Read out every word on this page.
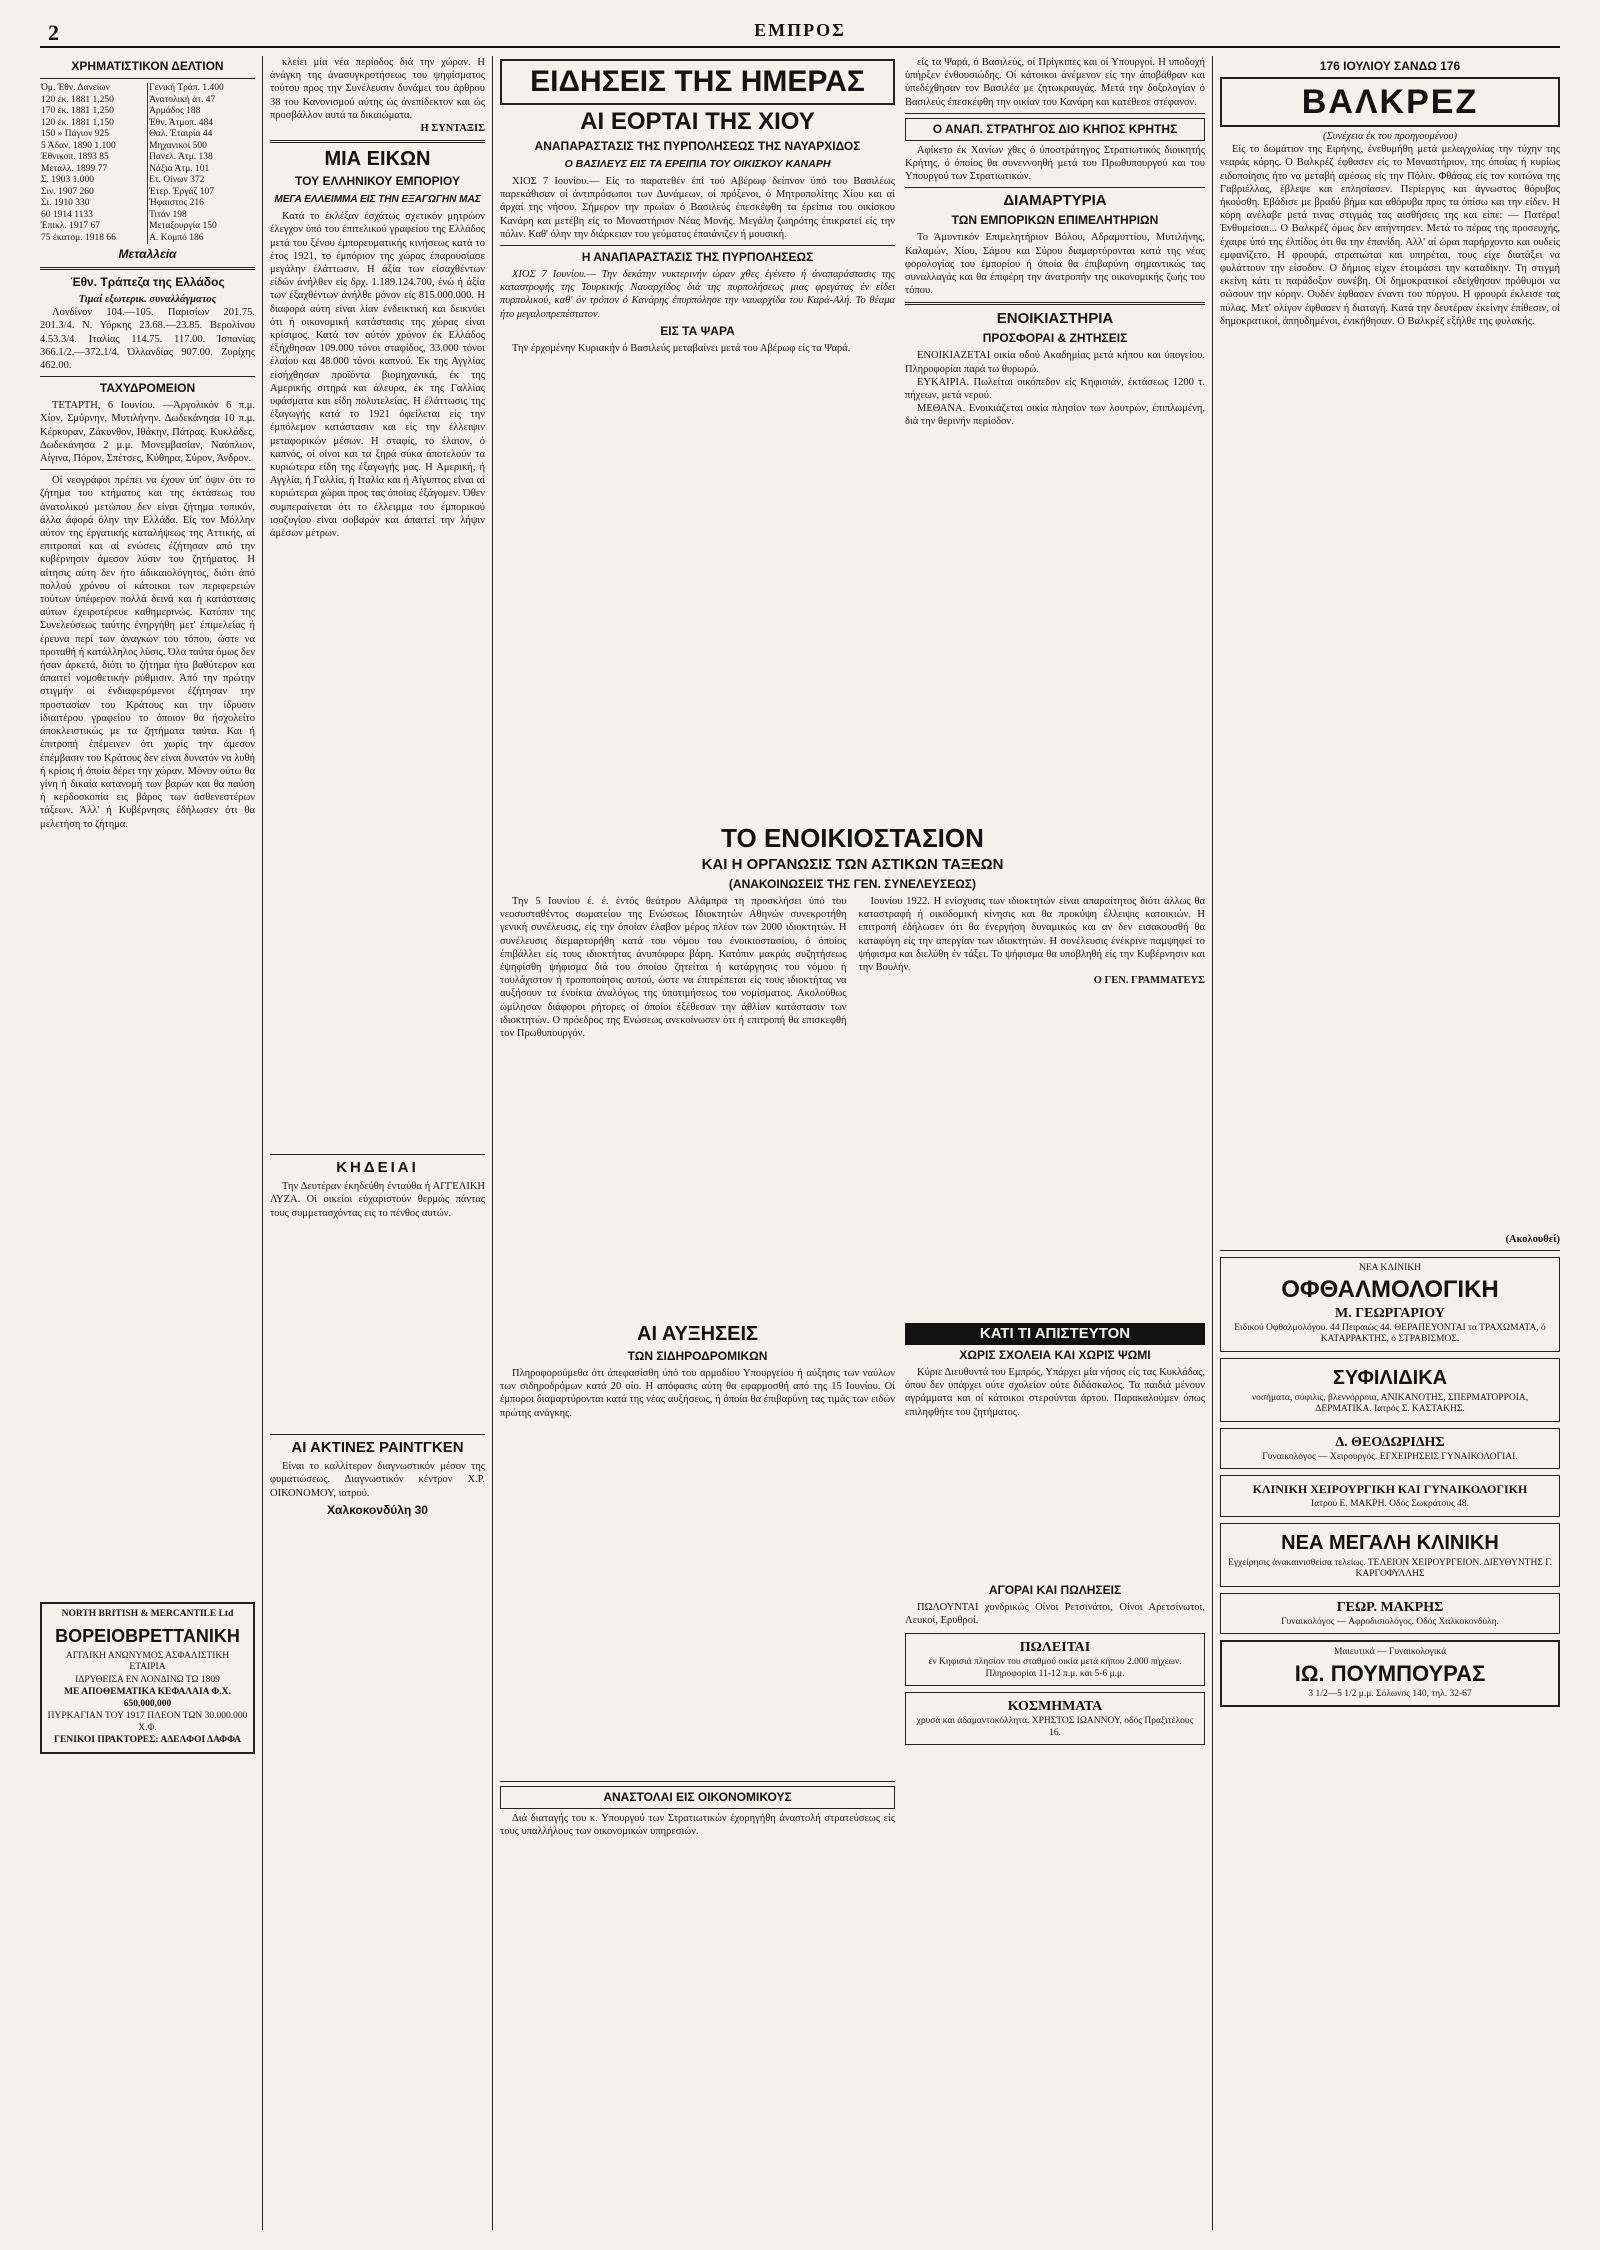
2	ΕΜΠΡΟΣ
ΧΡΗΜΑΤΙΣΤΙΚΟΝ ΔΕΛΤΙΟΝ
Όμ. Έθν. Δανείων	Γενική Τράπ. 1.400
120 έκ. 1881 1,250	Άνατολική άτ. 47
170 έκ. 1881 1,250	Άρμάδος 188
120 έκ. 1881 1,150	Έθν. Άτμοπ. 484
150 » Πάγιον 925	Θαλ. Έταιρία 44
5 Άδαν. 1890 1.100	Μηχανικοί 500
Έθνικοπ. 1893 85	Πανελ. Άτμ. 138
Μεταλλ. 1899 77	Νάξια Άτμ. 101
Σ. 1903 1.000	Ετ. Οίνων 372
Σιν. 1907 260	Έτερ. Έργάζ 107
Σι. 1910 330	Ήφαιστος 216
60 1914 1133	Τιτάν 198
Έπικλ. 1917 67	Μεταξουργία 150
75 έκατομ. 1918 66	Α. Κομπό 186
Μεταλλεία
Έθν. Τράπεζα της Ελλάδος
Τιμαί εξωτερικ. συναλλάγματος

Λονδίνον 104.—105. Παρισίων 201.75. 201.3/4. Ν. Υόρκης 23.68.—23.85. Βερολίνου 4.53.3/4. Ιταλίας 114.75. 117.00. Ίσπανίας 366.1/2.—372.1/4. Όλλανδίας 907.00. Ζυρίχης 462.00.

ΤΑΧΥΔΡΟΜΕΙΟΝ

ΤΕΤΑΡΤΗ, 6 Ιουνίου. —Άργολικόν 6 π.μ. Χίον, Σμύρνην, Μυτιλήνην. Δωδεκάνησα 10 π.μ. Κέρκυραν, Ζάκυνθον, Ιθάκην, Πάτρας. Κυκλάδες, Δωδεκάνησα 2 μ.μ. Μονεμβασίαν, Ναύπλιον, Αίγινα, Πόρον, Σπέτσες, Κύθηρα, Σύρον, Άνδρον.

Οί νεογράφοι πρέπει να έχουν ύπ' όψιν ότι το ζήτημα του κτήματος και της έκτάσεως του άνατολικού μετώπου δεν είναι ζήτημα τοπικόν, άλλα άφορά όλην την Ελλάδα. Είς τον Μόλλην αύτον της έργατικής καταλήψεως της Αττικής, αί επιτροπαί και αί ενώσεις έζήτησαν από την κυβέρνησιν άμεσον λύσιν του ζητήματος. Η αίτησις αύτη δεν ήτο άδικαιολόγητος, διότι άπό πολλού χρόνου οί κάτοικοι των περιφερειών τούτων ύπέφερον πολλά δεινά και ή κατάστασις αύτων έχειροτέρευε καθημερινώς. Κατόπιν της Συνελεύσεως ταύτης ένηργήθη μετ' έπιμελείας ή έρευνα περί των άναγκών του τόπου, ώστε να προταθή ή κατάλληλος λύσις. Όλα ταύτα όμως δεν ήσαν άρκετά, διότι το ζήτημα ήτο βαθύτερον και άπαιτεί νομοθετικήν ρύθμισιν. Άπό την πρώτην στιγμήν οί ένδιαφερόμενοι έζήτησαν την προστασίαν του Κράτους και την ίδρυσιν ίδιαιτέρου γραφείου το όποιον θα ήσχολείτο άποκλειστικώς με τα ζητήματα ταύτα. Και ή έπιτροπή έπέμεινεν ότι χωρίς την άμεσον έπέμβασιν του Κράτους δεν είναι δυνατόν να λυθή ή κρίσις ή όποία δέρει την χώραν. Μόνον ούτω θα γίνη ή δικαία κατανομή των βαρών και θα παύση ή κερδοσκοπία εις βάρος των άσθενεστέρων τάξεων. Άλλ' ή Κυβέρνησις έδήλωσεν ότι θα μελετήση το ζήτημα.

NORTH BRITISH & MERCANTILE Ltd

ΒΟΡΕΙΟΒΡΕΤΤΑΝΙΚΗ

ΑΓΓΛΙΚΗ ΑΝΩΝΥΜΟΣ ΑΣΦΑΛΙΣΤΙΚΗ ΕΤΑΙΡΙΑ

ΙΔΡΥΘΕΙΣΑ ΕΝ ΛΟΝΔΙΝΩ ΤΩ 1809

ΜΕ ΑΠΟΘΕΜΑΤΙΚΑ ΚΕΦΑΛΑΙΑ Φ.Χ. 650,000,000

ΠΥΡΚΑΓΙΑΝ ΤΟΥ 1917 ΠΛΕΟΝ ΤΩΝ 30.000.000 Χ.Φ.

ΓΕΝΙΚΟΙ ΠΡΑΚΤΟΡΕΣ: ΑΔΕΛΦΟΙ ΔΑΦΦΑ

κλείει μία νέα περίοδος διά την χώραν. Η άνάγκη της άνασυγκροτήσεως του ψηφίσματος τούτου προς την Συνέλευσιν δυνάμει του άρθρου 38 του Κανονισμού αύτης ώς άνεπίδεκτον και ώς προσβάλλον αυτά τα δικαιώματα.

Η ΣΥΝΤΑΞΙΣ
ΜΙΑ ΕΙΚΩΝ
ΤΟΥ ΕΛΛΗΝΙΚΟΥ ΕΜΠΟΡΙΟΥ
ΜΕΓΑ ΕΛΛΕΙΜΜΑ ΕΙΣ ΤΗΝ ΕΞΑΓΩΓΗΝ ΜΑΣ

Κατά το έκλέξαν έσχάτως σχετικόν μητρώον έλεγχον ύπό του έπιτελικού γραφείου της Ελλάδος μετά του ξένου έμπορευματικής κινήσεως κατά το έτος 1921, το έμπόριον της χώρας έπαρουσίασε μεγάλην έλάττωσιν. Η άξία των είσαχθέντων είδών άνήλθεν είς δρχ. 1.189.124.700, ένώ ή άξία των έξαχθέντων άνήλθε μόνον είς 815.000.000. Η διαφορά αύτη είναι λίαν ένδεικτική και δεικνύει ότι ή οικονομική κατάστασις της χώρας είναι κρίσιμος. Κατά τον αύτόν χρόνον έκ Ελλάδος έξήχθησαν 109.000 τόνοι σταφίδος, 33.000 τόνοι έλαίου και 48.000 τόνοι καπνού. Έκ της Αγγλίας είσήχθησαν προϊόντα βιομηχανικά, έκ της Αμερικής σιτηρά και άλευρα, έκ της Γαλλίας υφάσματα και είδη πολυτελείας. Η έλάττωσις της έξαγωγής κατά το 1921 όφείλεται είς την έμπόλεμον κατάστασιν και είς την έλλειψιν μεταφορικών μέσων. Η σταφίς, το έλαιον, ό καπνός, οί οίνοι και τα ξηρά σύκα άποτελούν τα κυριώτερα είδη της έξαγωγής μας. Η Αμερική, ή Αγγλία, ή Γαλλία, ή Ιταλία και ή Αίγυπτος είναι αί κυριώτεραι χώραι προς τας όποίας έξάγομεν. Όθεν συμπεραίνεται ότι το έλλειμμα του έμπορικού ισοζυγίου είναι σοβαρόν και άπαιτεί την λήψιν άμέσων μέτρων.

ΚΗΔΕΙΑΙ

Την Δευτέραν έκηδεύθη ένταύθα ή ΑΓΓΕΛΙΚΗ ΛΥΖΑ. Οί οικείοι εύχαριστούν θερμώς πάντας τους συμμετασχόντας εις το πένθος αυτών.

ΑΙ ΑΚΤΙΝΕΣ ΡΑΙΝΤΓΚΕΝ

Είναι το καλλίτερον διαγνωστικόν μέσον της φυματιώσεως. Διαγνωστικόν κέντρον Χ.Ρ. ΟΙΚΟΝΟΜΟΥ, ιατρού.

Χαλκοκονδύλη 30
ΕΙΔΗΣΕΙΣ ΤΗΣ ΗΜΕΡΑΣ
ΑΙ ΕΟΡΤΑΙ ΤΗΣ ΧΙΟΥ
ΑΝΑΠΑΡΑΣΤΑΣΙΣ ΤΗΣ ΠΥΡΠΟΛΗΣΕΩΣ ΤΗΣ ΝΑΥΑΡΧΙΔΟΣ
Ο ΒΑΣΙΛΕΥΣ ΕΙΣ ΤΑ ΕΡΕΙΠΙΑ ΤΟΥ ΟΙΚΙΣΚΟΥ ΚΑΝΑΡΗ

ΧΙΟΣ 7 Ιουνίου.— Είς το παρατεθέν έπί τού Αβέρωφ δείπνον ύπό του Βασιλέως παρεκάθισαν οί άντιπρόσωποι των Δυνάμεων, οί πρόξενοι, ό Μητροπολίτης Χίου και αί άρχαί της νήσου. Σήμερον την πρωίαν ό Βασιλεύς έπεσκέφθη τα έρείπια του οικίσκου Κανάρη και μετέβη είς το Μοναστήριον Νέας Μονής. Μεγάλη ζωηρότης έπικρατεί είς την πόλιν. Καθ' όλην την διάρκειαν του γεύματος έπαιάνιζεν ή μουσική.

Η ΑΝΑΠΑΡΑΣΤΑΣΙΣ ΤΗΣ ΠΥΡΠΟΛΗΣΕΩΣ

ΧΙΟΣ 7 Ιουνίου.— Την δεκάτην νυκτερινήν ώραν χθες έγένετο ή άναπαράστασις της καταστροφής της Τουρκικής Ναυαρχίδος διά της πυρπολήσεως μιας φρεγάτας έν είδει πυρπολικού, καθ' όν τρόπον ό Κανάρης έπυρπόλησε την ναυαρχίδα του Καρά-Αλή. Το θέαμα ήτο μεγαλοπρεπέστατον.

ΕΙΣ ΤΑ ΨΑΡΑ

Την έρχομένην Κυριακήν ό Βασιλεύς μεταβαίνει μετά του Αβέρωφ είς τα Ψαρά.

είς τα Ψαρά, ό Βασιλεύς, οί Πρίγκιπες και οί Υπουργοί. Η υποδοχή ύπήρξεν ένθουσιώδης. Οί κάτοικοι άνέμενον είς την άποβάθραν και ύπεδέχθησαν τον Βασιλέα με ζητωκραυγάς. Μετά την δοξολογίαν ό Βασιλεύς έπεσκέφθη την οικίαν του Κανάρη και κατέθεσε στέφανον.

Ο ΑΝΑΠ. ΣΤΡΑΤΗΓΟΣ ΔΙΟ ΚΗΠΟΣ ΚΡΗΤΗΣ

Αφίκετο έκ Χανίων χθες ό ύποστράτηγος Στρατιωτικός διοικητής Κρήτης, ό όποίος θα συνεννοηθή μετά του Πρωθυπουργού και του Υπουργού των Στρατιωτικών.

ΔΙΑΜΑΡΤΥΡΙΑ
ΤΩΝ ΕΜΠΟΡΙΚΩΝ ΕΠΙΜΕΛΗΤΗΡΙΩΝ

Το Άμυντικόν Επιμελητήριον Βόλου, Αδραμυττίου, Μυτιλήνης, Καλαμών, Χίου, Σάμου και Σύρου διαμαρτύρονται κατά της νέας φορολογίας του έμπορίου ή όποία θα έπιβαρύνη σημαντικώς τας συναλλαγάς και θα έπιφέρη την άνατροπήν της οικονομικής ζωής του τόπου.

ΕΝΟΙΚΙΑΣΤΗΡΙΑ
ΠΡΟΣΦΟΡΑΙ & ΖΗΤΗΣΕΙΣ

ΕΝΟΙΚΙΑΖΕΤΑΙ οικία οδού Ακαδημίας μετά κήπου και ύπογείου. Πληροφορίαι παρά τω θυρωρώ.

ΕΥΚΑΙΡΙΑ. Πωλείται οικόπεδον είς Κηφισιάν, έκτάσεως 1200 τ. πήχεων, μετά νερού.

ΜΕΘΑΝΑ. Ενοικιάζεται οικία πλησίον των λουτρών, έπιπλωμένη, διά την θερινήν περίοδον.

ΤΟ ΕΝΟΙΚΙΟΣΤΑΣΙΟΝ
ΚΑΙ Η ΟΡΓΑΝΩΣΙΣ ΤΩΝ ΑΣΤΙΚΩΝ ΤΑΞΕΩΝ
(ΑΝΑΚΟΙΝΩΣΕΙΣ ΤΗΣ ΓΕΝ. ΣΥΝΕΛΕΥΣΕΩΣ)

Την 5 Ιουνίου έ. έ. έντός θεάτρου Αλάμπρα τη προσκλήσει ύπό του νεοσυσταθέντος σωματείου της Ενώσεως Ιδιοκτητών Αθηνών συνεκροτήθη γενική συνέλευσις, είς την όποίαν έλαβον μέρος πλέον των 2000 ιδιοκτητών. Η συνέλευσις διεμαρτυρήθη κατά του νόμου του ένοικιοστασίου, ό όποίος έπιβάλλει είς τους ιδιοκτήτας άνυπόφορα βάρη. Κατόπιν μακράς συζητήσεως έψηφίσθη ψήφισμα διά του όποίου ζητείται ή κατάργησις του νόμου ή τουλάχιστον ή τροποποίησις αυτού, ώστε να έπιτρέπεται είς τους ιδιοκτήτας να αυξήσουν τα ένοίκια άναλόγως της ύποτιμήσεως του νομίσματος. Ακολούθως ώμίλησαν διάφοροι ρήτορες οί όποίοι έξέθεσαν την άθλίαν κατάστασιν των ιδιοκτητών. Ο πρόεδρος της Ενώσεως ανεκοίνωσεν ότι ή επιτροπή θα επισκεφθή τον Πρωθυπουργόν.

Ιουνίου 1922. Η ενίσχυσις των ιδιοκτητών είναι απαραίτητος διότι άλλως θα καταστραφή ή οικοδομική κίνησις και θα προκύψη έλλειψις κατοικιών. Η επιτροπή έδήλωσεν ότι θα ένεργήση δυναμικώς και αν δεν εισακουσθή θα καταφύγη είς την απεργίαν των ιδιοκτητών. Η συνέλευσις ένέκρινε παμψηφεί το ψήφισμα και διελύθη έν τάξει. Το ψήφισμα θα υποβληθή είς την Κυβέρνησιν και την Βουλήν.

Ο ΓΕΝ. ΓΡΑΜΜΑΤΕΥΣ
ΑΙ ΑΥΞΗΣΕΙΣ
ΤΩΝ ΣΙΔΗΡΟΔΡΟΜΙΚΩΝ

Πληροφορούμεθα ότι άπεφασίσθη ύπό του αρμοδίου Υπουργείου ή αύξησις των ναύλων των σιδηροδρόμων κατά 20 οίο. Η απόφασις αύτη θα εφαρμοσθή από της 15 Ιουνίου. Οί έμποροι διαμαρτύρονται κατά της νέας αυξήσεως, ή όποία θα έπιβαρύνη τας τιμάς των ειδών πρώτης ανάγκης.

ΑΝΑΣΤΟΛΑΙ ΕΙΣ ΟΙΚΟΝΟΜΙΚΟΥΣ

Διά διαταγής του κ. Υπουργού των Στρατιωτικών έχορηγήθη άναστολή στρατεύσεως είς τους υπαλλήλους των οικονομικών υπηρεσιών.

ΚΑΤΙ ΤΙ ΑΠΙΣΤΕΥΤΟΝ
ΧΩΡΙΣ ΣΧΟΛΕΙΑ ΚΑΙ ΧΩΡΙΣ ΨΩΜΙ

Κύριε Διευθυντά του Εμπρός, Υπάρχει μία νήσος είς τας Κυκλάδας, όπου δεν υπάρχει ούτε σχολείον ούτε διδάσκαλος. Τα παιδιά μένουν αγράμματα και οί κάτοικοι στερούνται άρτου. Παρακαλούμεν όπως επιληφθήτε του ζητήματος.

ΑΓΟΡΑΙ ΚΑΙ ΠΩΛΗΣΕΙΣ

ΠΩΛΟΥΝΤΑΙ χονδρικώς Οίνοι Ρετσινάτοι, Οίνοι Αρετσίνωτοι, Λευκοί, Ερυθροί.

ΠΩΛΕΙΤΑΙ

έν Κηφισιά πλησίον του σταθμού οικία μετά κήπου 2.000 πήχεων. Πληροφορίαι 11-12 π.μ. και 5-6 μ.μ.

ΚΟΣΜΗΜΑΤΑ

χρυσά και άδαμαντοκόλλητα. ΧΡΗΣΤΟΣ ΙΩΑΝΝΟΥ, οδός Πραξιτέλους 16.

176 ΙΟΥΛΙΟΥ ΣΑΝΔΩ 176
ΒΑΛΚΡΕΖ
(Συνέχεια έκ του προηγουμένου)

Είς το δωμάτιον της Ειρήνης, ένεθυμήθη μετά μελαγχολίας την τύχην της νεαράς κόρης. Ο Βαλκρέζ έφθασεν είς το Μοναστήριον, της όποίας ή κυρίως ειδοποίησις ήτο να μεταβή αμέσως είς την Πόλιν. Φθάσας είς τον κοιτώνα της Γαβριέλλας, έβλεψε και επλησίασεν. Περίεργος και άγνωστος θόρυβος ήκούσθη. Εβάδισε με βραδύ βήμα και αθόρυβα προς τα όπίσω και την είδεν. Η κόρη ανέλαβε μετά τινας στιγμάς τας αισθήσεις της και είπε: — Πατέρα! Ένθυμείσαι... Ο Βαλκρέζ όμως δεν απήντησεν. Μετά το πέρας της προσευχής, έχαιρε ύπό της έλπίδος ότι θα την έπανίδη. Αλλ' αί ώραι παρήρχοντο και ουδείς εμφανίζετο. Η φρουρά, στρατιώται και υπηρέται, τους είχε διατάξει να φυλάττουν την είσοδον. Ο δήμιος είχεν έτοιμάσει την καταδίκην. Τη στιγμή εκείνη κάτι τι παράδοξον συνέβη. Οί δημοκρατικοί εδείχθησαν πρόθυμοι να σώσουν την κόρην. Ουδέν έφθασεν έναντι του πύργου. Η φρουρά έκλεισε τας πύλας. Μετ' ολίγον έφθασεν ή διαταγή. Κατά την δευτέραν έκείνην έπίθεσιν, οί δημοκρατικοί, άπηυδημένοι, ένικήθησαν. Ο Βαλκρέζ εξήλθε της φυλακής.

(Ακολουθεί)

ΝΕΑ ΚΛΙΝΙΚΗ

ΟΦΘΑΛΜΟΛΟΓΙΚΗ

Μ. ΓΕΩΡΓΑΡΙΟΥ

Ειδικού Οφθαλμολόγου. 44 Πειραιώς 44. ΘΕΡΑΠΕΥΟΝΤΑΙ τα ΤΡΑΧΩΜΑΤΑ, ό ΚΑΤΑΡΡΑΚΤΗΣ, ό ΣΤΡΑΒΙΣΜΟΣ.

ΣΥΦΙΛΙΔΙΚΑ

νοσήματα, σύφιλις, βλεννόρροια, ΑΝΙΚΑΝΟΤΗΣ, ΣΠΕΡΜΑΤΟΡΡΟΙΑ, ΔΕΡΜΑΤΙΚΑ. Ιατρός Σ. ΚΑΣΤΑΚΗΣ.

Δ. ΘΕΟΔΩΡΙΔΗΣ

Γυναικολόγος — Χειρουργός. ΕΓΧΕΙΡΗΣΕΙΣ ΓΥΝΑΙΚΟΛΟΓΙΑΙ.

ΚΛΙΝΙΚΗ ΧΕΙΡΟΥΡΓΙΚΗ ΚΑΙ ΓΥΝΑΙΚΟΛΟΓΙΚΗ

Ιατρού Ε. ΜΑΚΡΗ. Οδός Σωκράτους 48.

ΝΕΑ ΜΕΓΑΛΗ ΚΛΙΝΙΚΗ

Εγχείρησις άνακαινισθείσα τελείως. ΤΕΛΕΙΟΝ ΧΕΙΡΟΥΡΓΕΙΟΝ. ΔΙΕΥΘΥΝΤΗΣ Γ. ΚΑΡΓΟΦΥΛΛΗΣ

ΓΕΩΡ. ΜΑΚΡΗΣ

Γυναικολόγος — Αφροδισιολόγος. Οδός Χαλκοκονδύλη.

Μαιευτικά — Γυναικολογικά

ΙΩ. ΠΟΥΜΠΟΥΡΑΣ

3 1/2—5 1/2 μ.μ. Σόλωνος 140, τηλ. 32-67
